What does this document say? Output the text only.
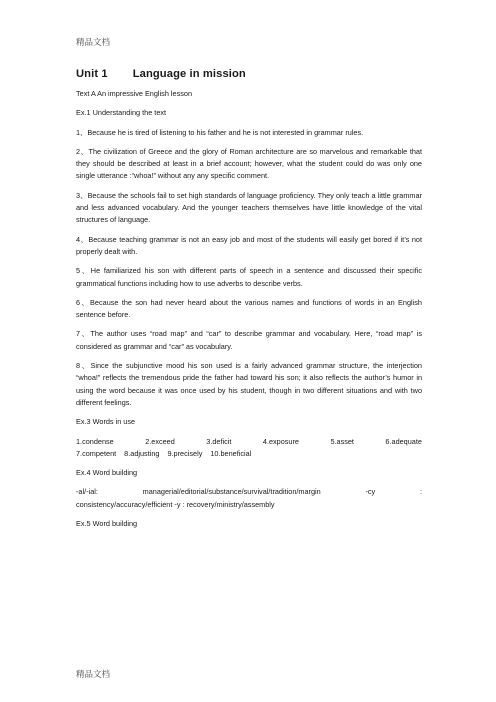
精品文档
Unit 1 Language in mission
Text A An impressive English lesson
Ex.1 Understanding the text
1、Because he is tired of listening to his father and he is not interested in grammar rules.
2、The civilization of Greece and the glory of Roman architecture are so marvelous and remarkable that they should be described at least in a brief account; however, what the student could do was only one single utterance :“whoa!” without any any specific comment.
3、Because the schools fail to set high standards of language proficiency. They only teach a little grammar and less advanced vocabulary. And the younger teachers themselves have little knowledge of the vital structures of language.
4、Because teaching grammar is not an easy job and most of the students will easily get bored if it’s not properly dealt with.
5、He familiarized his son with different parts of speech in a sentence and discussed their specific grammatical functions including how to use adverbs to describe verbs.
6、Because the son had never heard about the various names and functions of words in an English sentence before.
7、The author uses “road map” and “car” to describe grammar and vocabulary. Here, “road map” is considered as grammar and “car” as vocabulary.
8、Since the subjunctive mood his son used is a fairly advanced grammar structure, the interjection “whoa!” reflects the tremendous pride the father had toward his son; it also reflects the author’s humor in using the word because it was once used by his student, though in two different situations and with two different feelings.
Ex.3 Words in use
1.condense	2.exceed	3.deficit	4.exposure	5.asset	6.adequate
7.competent 8.adjusting 9.precisely 10.beneficial
Ex.4 Word building
-al/-ial:	managerial/editorial/substance/survival/tradition/margin	-cy	:
consistency/accuracy/efficient -y : recovery/ministry/assembly
Ex.5 Word building
精品文档
